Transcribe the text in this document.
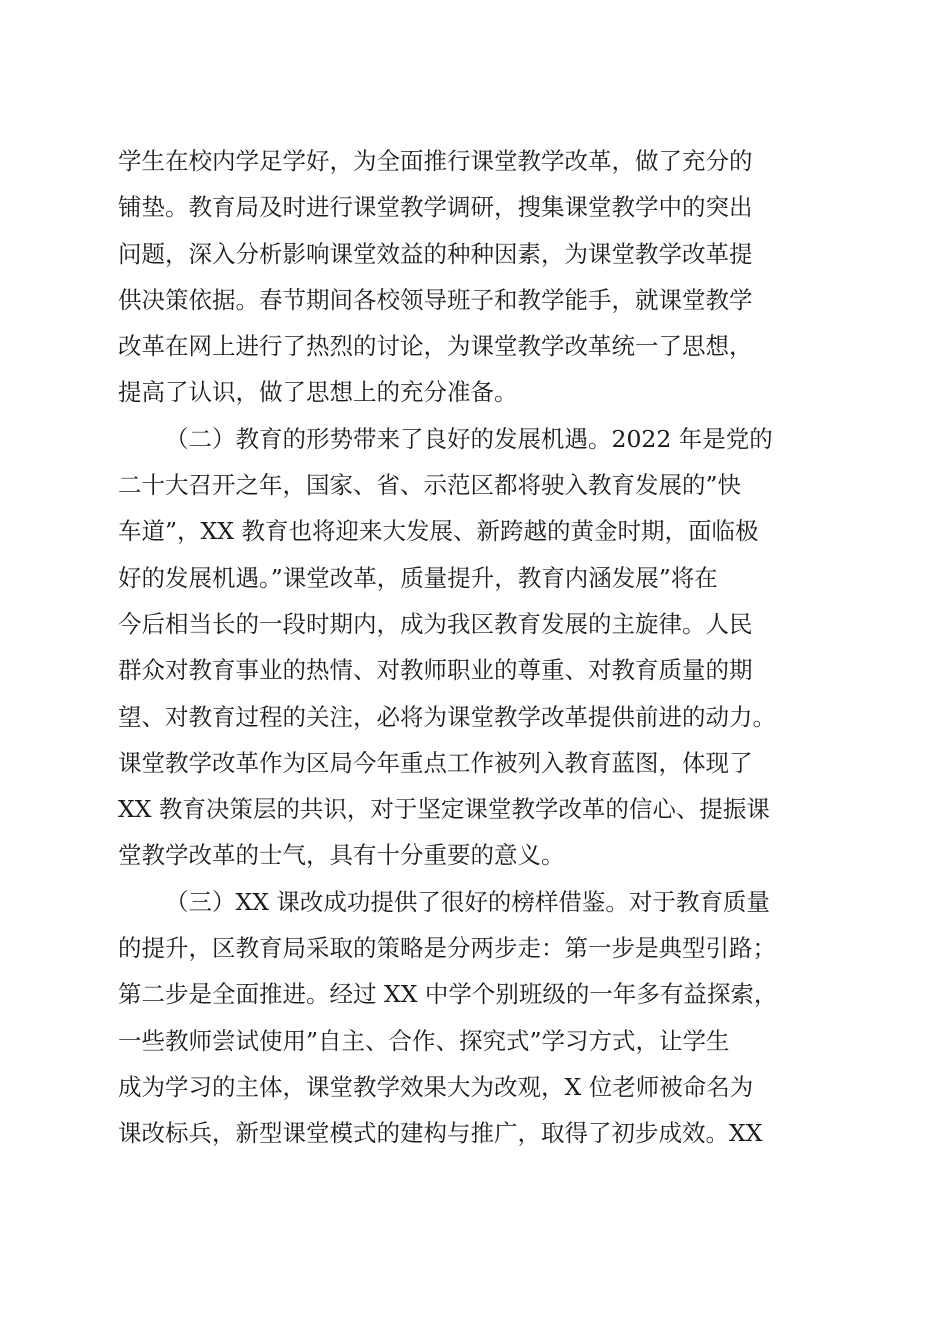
学生在校内学足学好，为全面推行课堂教学改革，做了充分的
铺垫。教育局及时进行课堂教学调研，搜集课堂教学中的突出
问题，深入分析影响课堂效益的种种因素，为课堂教学改革提
供决策依据。春节期间各校领导班子和教学能手，就课堂教学
改革在网上进行了热烈的讨论，为课堂教学改革统一了思想，
提高了认识，做了思想上的充分准备。
（二）教育的形势带来了良好的发展机遇。2022 年是党的
二十大召开之年，国家、省、示范区都将驶入教育发展的”快
车道”，XX 教育也将迎来大发展、新跨越的黄金时期，面临极
好的发展机遇。”课堂改革，质量提升，教育内涵发展”将在
今后相当长的一段时期内，成为我区教育发展的主旋律。人民
群众对教育事业的热情、对教师职业的尊重、对教育质量的期
望、对教育过程的关注，必将为课堂教学改革提供前进的动力。
课堂教学改革作为区局今年重点工作被列入教育蓝图，体现了
XX 教育决策层的共识，对于坚定课堂教学改革的信心、提振课
堂教学改革的士气，具有十分重要的意义。
（三）XX 课改成功提供了很好的榜样借鉴。对于教育质量
的提升，区教育局采取的策略是分两步走：第一步是典型引路；
第二步是全面推进。经过 XX 中学个别班级的一年多有益探索，
一些教师尝试使用”自主、合作、探究式”学习方式，让学生
成为学习的主体，课堂教学效果大为改观，X 位老师被命名为
课改标兵，新型课堂模式的建构与推广，取得了初步成效。XX
